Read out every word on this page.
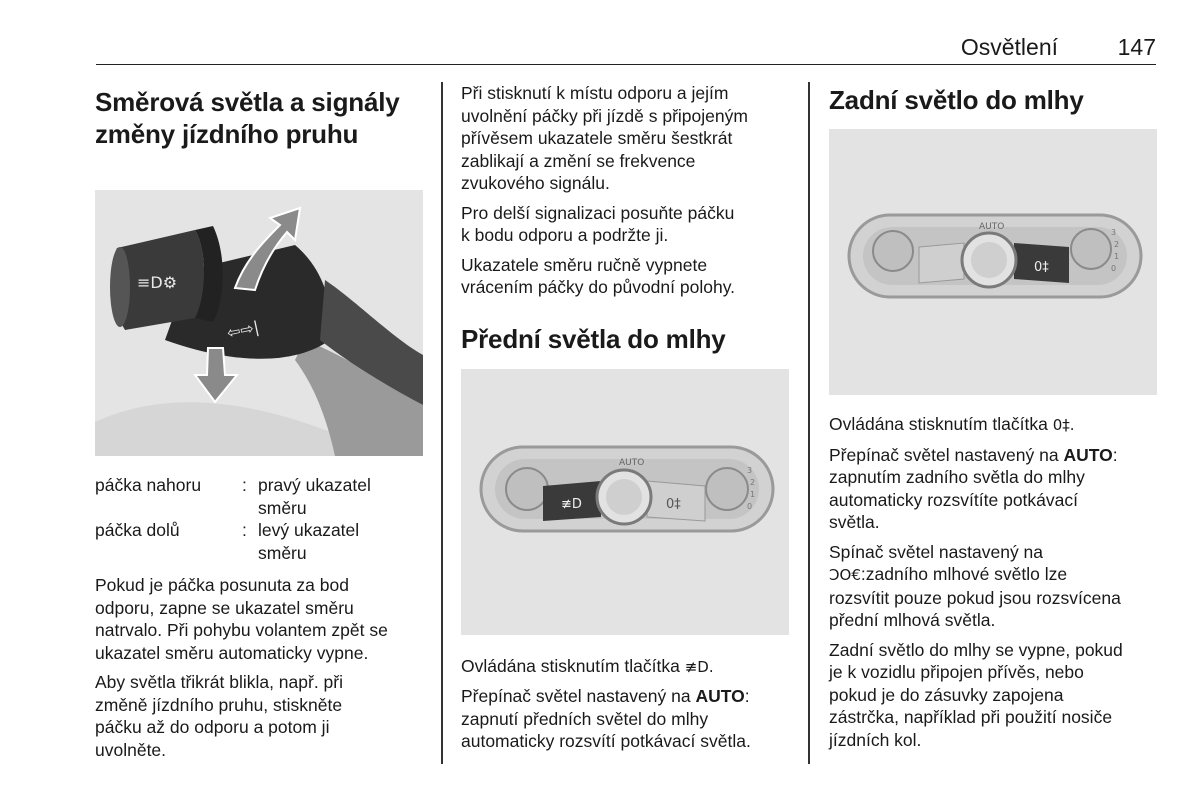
Osvětlení	147
Směrová světla a signály
změny jízdního pruhu
≡D⚙
⇦⇨|
páčka nahoru	: pravý ukazatel
směru
páčka dolů	: levý ukazatel
směru

Pokud je páčka posunuta za bod
odporu, zapne se ukazatel směru
natrvalo. Při pohybu volantem zpět se
ukazatel směru automaticky vypne.

Aby světla třikrát blikla, např. při
změně jízdního pruhu, stiskněte
páčku až do odporu a potom ji
uvolněte.

Při stisknutí k místu odporu a jejím
uvolnění páčky při jízdě s připojeným
přívěsem ukazatele směru šestkrát
zablikají a změní se frekvence
zvukového signálu.

Pro delší signalizaci posuňte páčku
k bodu odporu a podržte ji.

Ukazatele směru ručně vypnete
vrácením páčky do původní polohy.

Přední světla do mlhy
≢D	0‡
AUTO
3
2
1
0

Ovládána stisknutím tlačítka ≢D.

Přepínač světel nastavený na AUTO:
zapnutí předních světel do mlhy
automaticky rozsvítí potkávací světla.

Zadní světlo do mlhy
0‡
AUTO
3
2
1
0

Ovládána stisknutím tlačítka 0‡.

Přepínač světel nastavený na AUTO:
zapnutím zadního světla do mlhy
automaticky rozsvítíte potkávací
světla.

Spínač světel nastavený na
ƆO€:zadního mlhové světlo lze
rozsvítit pouze pokud jsou rozsvícena
přední mlhová světla.

Zadní světlo do mlhy se vypne, pokud
je k vozidlu připojen přívěs, nebo
pokud je do zásuvky zapojena
zástrčka, například při použití nosiče
jízdních kol.
